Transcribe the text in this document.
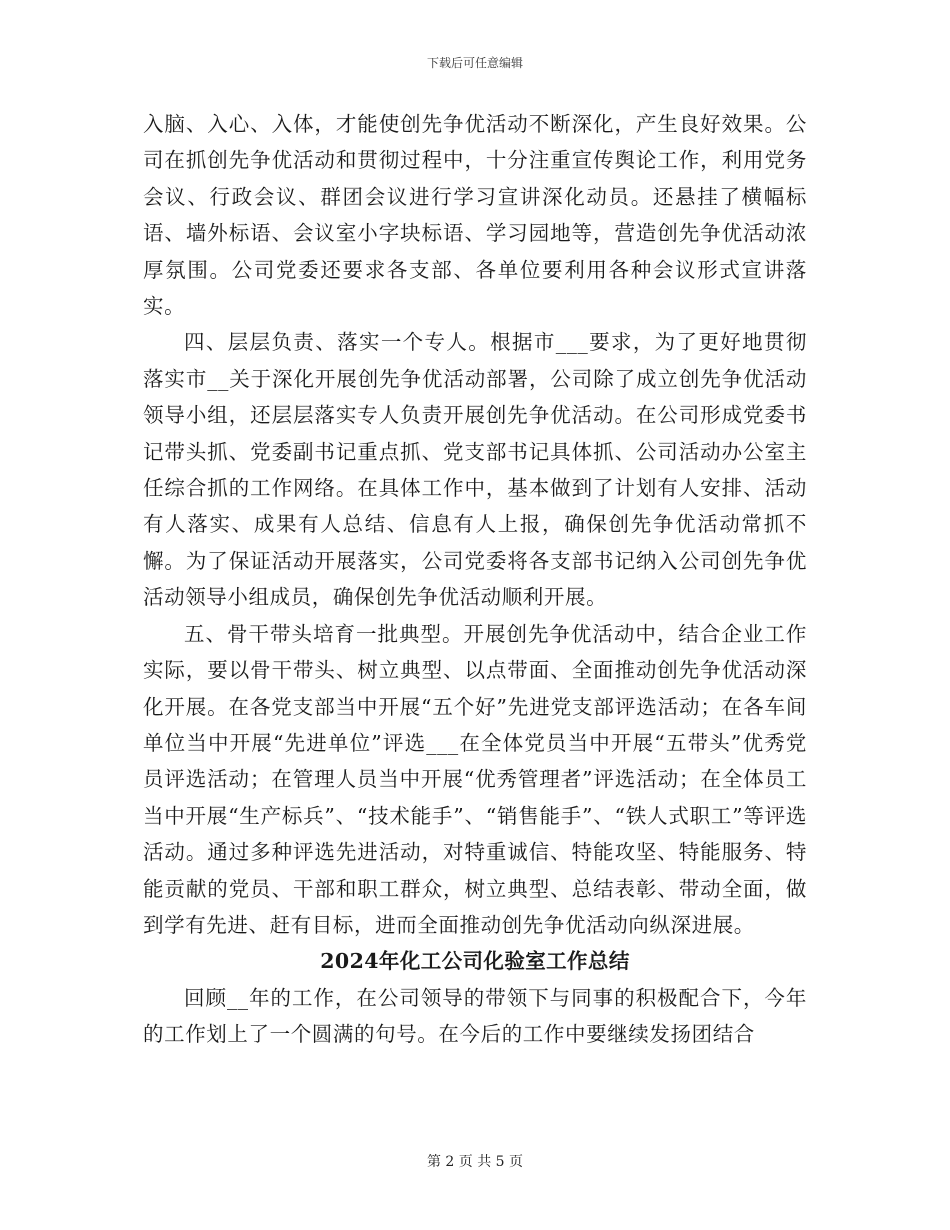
下载后可任意编辑

入脑、入心、入体，才能使创先争优活动不断深化，产生良好效果。公司在抓创先争优活动和贯彻过程中，十分注重宣传舆论工作，利用党务会议、行政会议、群团会议进行学习宣讲深化动员。还悬挂了横幅标语、墙外标语、会议室小字块标语、学习园地等，营造创先争优活动浓厚氛围。公司党委还要求各支部、各单位要利用各种会议形式宣讲落实。

四、层层负责、落实一个专人。根据市___要求，为了更好地贯彻落实市__关于深化开展创先争优活动部署，公司除了成立创先争优活动领导小组，还层层落实专人负责开展创先争优活动。在公司形成党委书记带头抓、党委副书记重点抓、党支部书记具体抓、公司活动办公室主任综合抓的工作网络。在具体工作中，基本做到了计划有人安排、活动有人落实、成果有人总结、信息有人上报，确保创先争优活动常抓不懈。为了保证活动开展落实，公司党委将各支部书记纳入公司创先争优活动领导小组成员，确保创先争优活动顺利开展。

五、骨干带头培育一批典型。开展创先争优活动中，结合企业工作实际，要以骨干带头、树立典型、以点带面、全面推动创先争优活动深化开展。在各党支部当中开展“五个好”先进党支部评选活动；在各车间单位当中开展“先进单位”评选___在全体党员当中开展“五带头”优秀党员评选活动；在管理人员当中开展“优秀管理者”评选活动；在全体员工当中开展“生产标兵”、“技术能手”、“销售能手”、“铁人式职工”等评选活动。通过多种评选先进活动，对特重诚信、特能攻坚、特能服务、特能贡献的党员、干部和职工群众，树立典型、总结表彰、带动全面，做到学有先进、赶有目标，进而全面推动创先争优活动向纵深进展。

2024年化工公司化验室工作总结

回顾__年的工作，在公司领导的带领下与同事的积极配合下，今年的工作划上了一个圆满的句号。在今后的工作中要继续发扬团结合

第 2 页 共 5 页
